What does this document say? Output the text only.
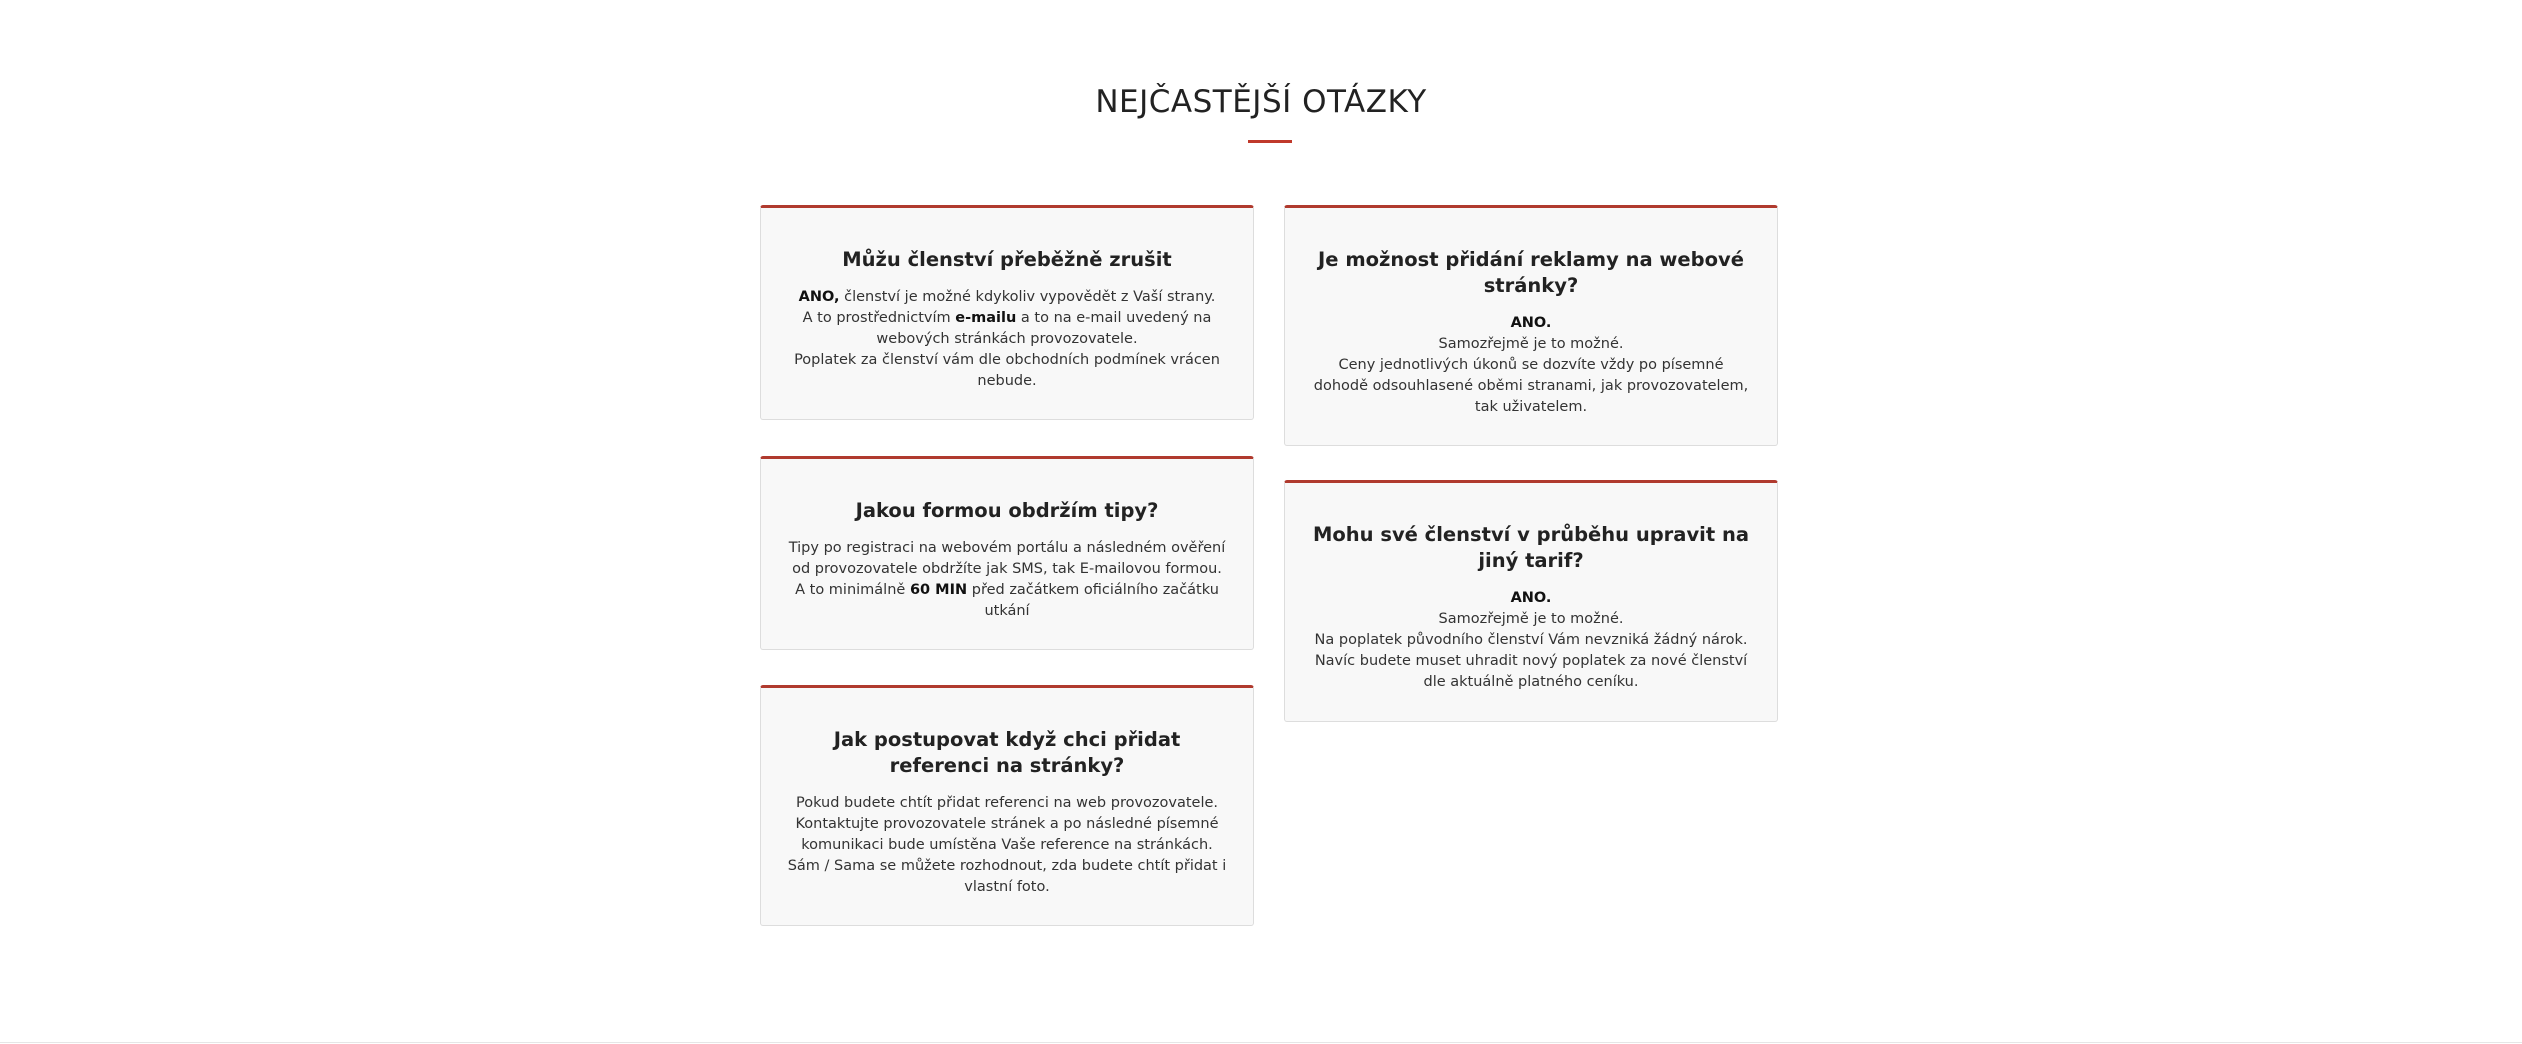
NEJČASTĚJŠÍ OTÁZKY
Můžu členství přeběžně zrušit

ANO, členství je možné kdykoliv vypovědět z Vaší strany.

A to prostřednictvím e-mailu a to na e-mail uvedený na webových stránkách provozovatele.

Poplatek za členství vám dle obchodních podmínek vrácen nebude.

Je možnost přidání reklamy na webové stránky?

ANO.

Samozřejmě je to možné.

Ceny jednotlivých úkonů se dozvíte vždy po písemné dohodě odsouhlasené oběmi stranami, jak provozovatelem, tak uživatelem.

Jakou formou obdržím tipy?

Tipy po registraci na webovém portálu a následném ověření od provozovatele obdržíte jak SMS, tak E-mailovou formou.

A to minimálně 60 MIN před začátkem oficiálního začátku utkání

Mohu své členství v průběhu upravit na jiný tarif?

ANO.

Samozřejmě je to možné.

Na poplatek původního členství Vám nevzniká žádný nárok.

Navíc budete muset uhradit nový poplatek za nové členství dle aktuálně platného ceníku.

Jak postupovat když chci přidat referenci na stránky?

Pokud budete chtít přidat referenci na web provozovatele.

Kontaktujte provozovatele stránek a po následné písemné komunikaci bude umístěna Vaše reference na stránkách.

Sám / Sama se můžete rozhodnout, zda budete chtít přidat i vlastní foto.
